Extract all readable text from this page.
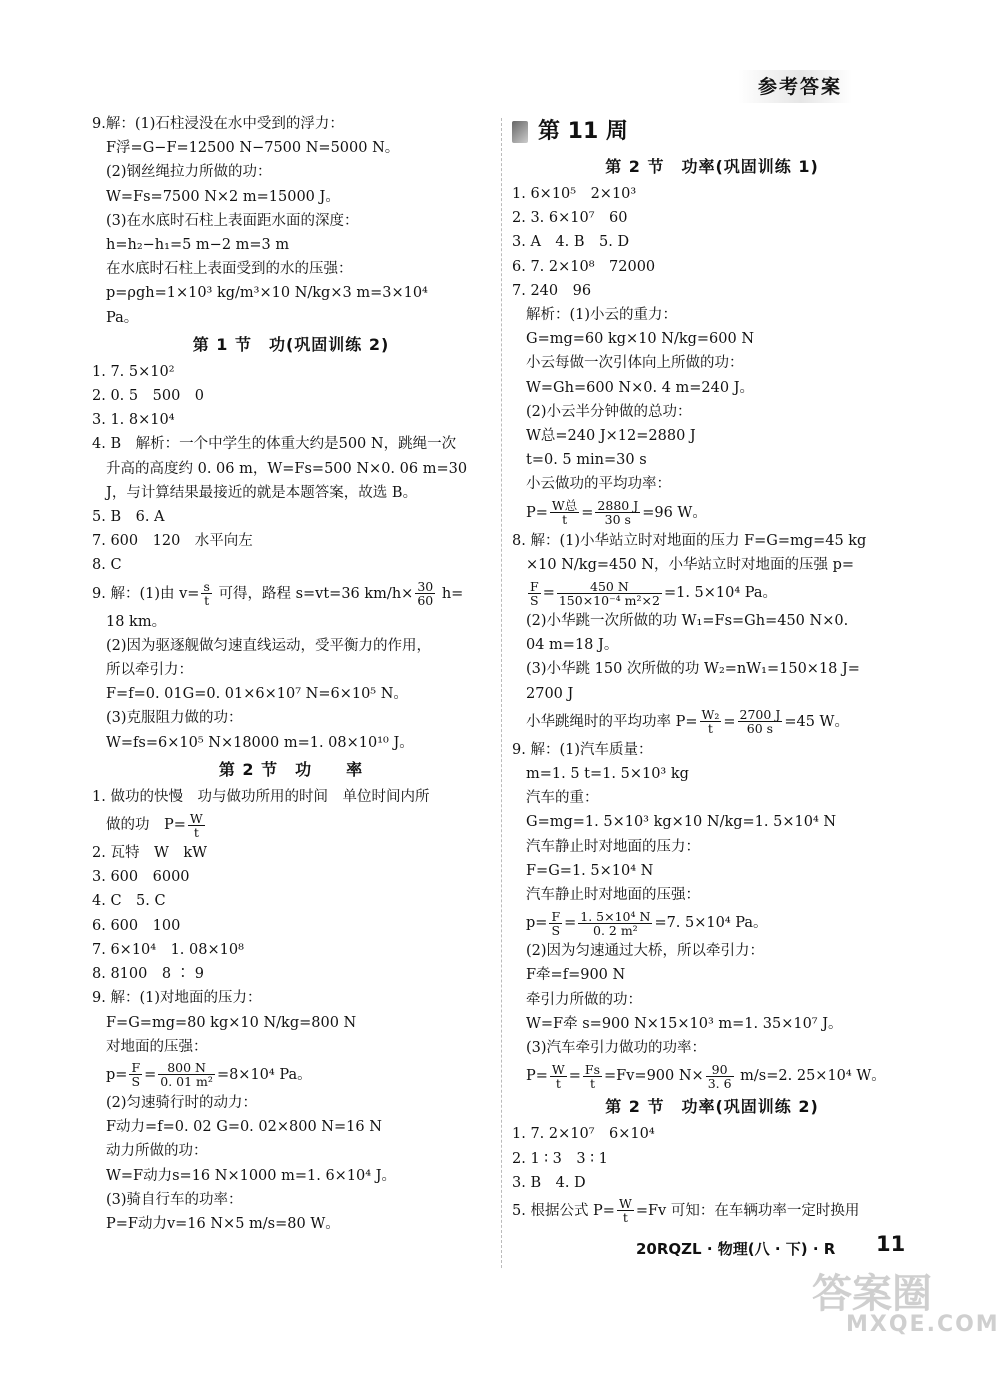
参考答案
9.解：(1)石柱浸没在水中受到的浮力：
F浮=G−F=12500 N−7500 N=5000 N。
(2)钢丝绳拉力所做的功：
W=Fs=7500 N×2 m=15000 J。
(3)在水底时石柱上表面距水面的深度：
h=h₂−h₁=5 m−2 m=3 m
在水底时石柱上表面受到的水的压强：
p=ρgh=1×10³ kg/m³×10 N/kg×3 m=3×10⁴
Pa。
第 1 节　功(巩固训练 2)
1. 7. 5×10²
2. 0. 5　500　0
3. 1. 8×10⁴
4. B　解析：一个中学生的体重大约是500 N，跳绳一次
升高的高度约 0. 06 m，W=Fs=500 N×0. 06 m=30
J，与计算结果最接近的就是本题答案，故选 B。
5. B　6. A
7. 600　120　水平向左
8. C
9. 解：(1)由 $v= \frac{s}{t}$ 可得，路程 s=vt=36 $km/h\times \frac{30}{60} h=$
18 km。
(2)因为驱逐舰做匀速直线运动，受平衡力的作用，
所以牵引力：
F=f=0. 01G=0. 01×6×10⁷ N=6×10⁵ N。
(3)克服阻力做的功：
W=fs=6×10⁵ N×18000 m=1. 08×10¹⁰ J。
第 2 节　功　　率
1. 做功的快慢　功与做功所用的时间　单位时间内所
做的功　$P= \frac{W}{t}$
2. 瓦特　W　kW
3. 600　6000
4. C　5. C
6. 600　100
7. 6×10⁴　1. 08×10⁸
8. 8100　8 ∶ 9
9. 解：(1)对地面的压力：
F=G=mg=80 kg×10 N/kg=800 N
对地面的压强：
$p= \frac{F}{S} = \frac{800 N}{\text{0. 01 m²}} =8\times 10^4$ Pa。
(2)匀速骑行时的动力：
F动力=f=0. 02 G=0. 02×800 N=16 N
动力所做的功：
W=F动力s=16 N×1000 m=1. 6×10⁴ J。
(3)骑自行车的功率：
P=F动力v=16 N×5 m/s=80 W。
第 11 周
第 2 节　功率(巩固训练 1)
1. 6×10⁵　2×10³
2. 3. 6×10⁷　60
3. A　4. B　5. D
6. 7. 2×10⁸　72000
7. 240　96
解析：(1)小云的重力：
G=mg=60 kg×10 N/kg=600 N
小云每做一次引体向上所做的功：
W=Gh=600 N×0. 4 m=240 J。
(2)小云半分钟做的总功：
W总=240 J×12=2880 J
t=0. 5 min=30 s
小云做功的平均功率：
$P= \frac{\text{W总}}{t} = \frac{2880 J}{30 s} =96$ W。
8. 解：(1)小华站立时对地面的压力 F=G=mg=45 kg
×10 N/kg=450 N，小华站立时对地面的压强 p=
$\frac{F}{S} = \frac{450 N}{\text{150×10⁻⁴ m²×2}} =1$. 5×10⁴ Pa。
(2)小华跳一次所做的功 W₁=Fs=Gh=450 N×0.
04 m=18 J。
(3)小华跳 150 次所做的功 W₂=nW₁=150×18 J=
2700 J
小华跳绳时的平均功率 $P= \frac{\text{W₂}}{t} = \frac{2700 J}{60 s} =45$ W。
9. 解：(1)汽车质量：
m=1. 5 t=1. 5×10³ kg
汽车的重：
G=mg=1. 5×10³ kg×10 N/kg=1. 5×10⁴ N
汽车静止时对地面的压力：
F=G=1. 5×10⁴ N
汽车静止时对地面的压强：
$p= \frac{F}{S} = \frac{\text{1. 5×10⁴ N}}{\text{0. 2 m²}} =7$. 5×10⁴ Pa。
(2)因为匀速通过大桥，所以牵引力：
F牵=f=900 N
牵引力所做的功：
W=F牵 s=900 N×15×10³ m=1. 35×10⁷ J。
(3)汽车牵引力做功的功率：
$P= \frac{W}{t} = \frac{Fs}{t} =Fv=900$ $N\times \frac{90}{3. 6} m/s=2$. 25×10⁴ W。
第 2 节　功率(巩固训练 2)
1. 7. 2×10⁷　6×10⁴
2. 1 ∶ 3　3 ∶ 1
3. B　4. D
5. 根据公式 $P= \frac{W}{t} =Fv$ 可知：在车辆功率一定时换用
20RQZL · 物理(八 · 下) · R 11
答案圈
MXQE.COM
